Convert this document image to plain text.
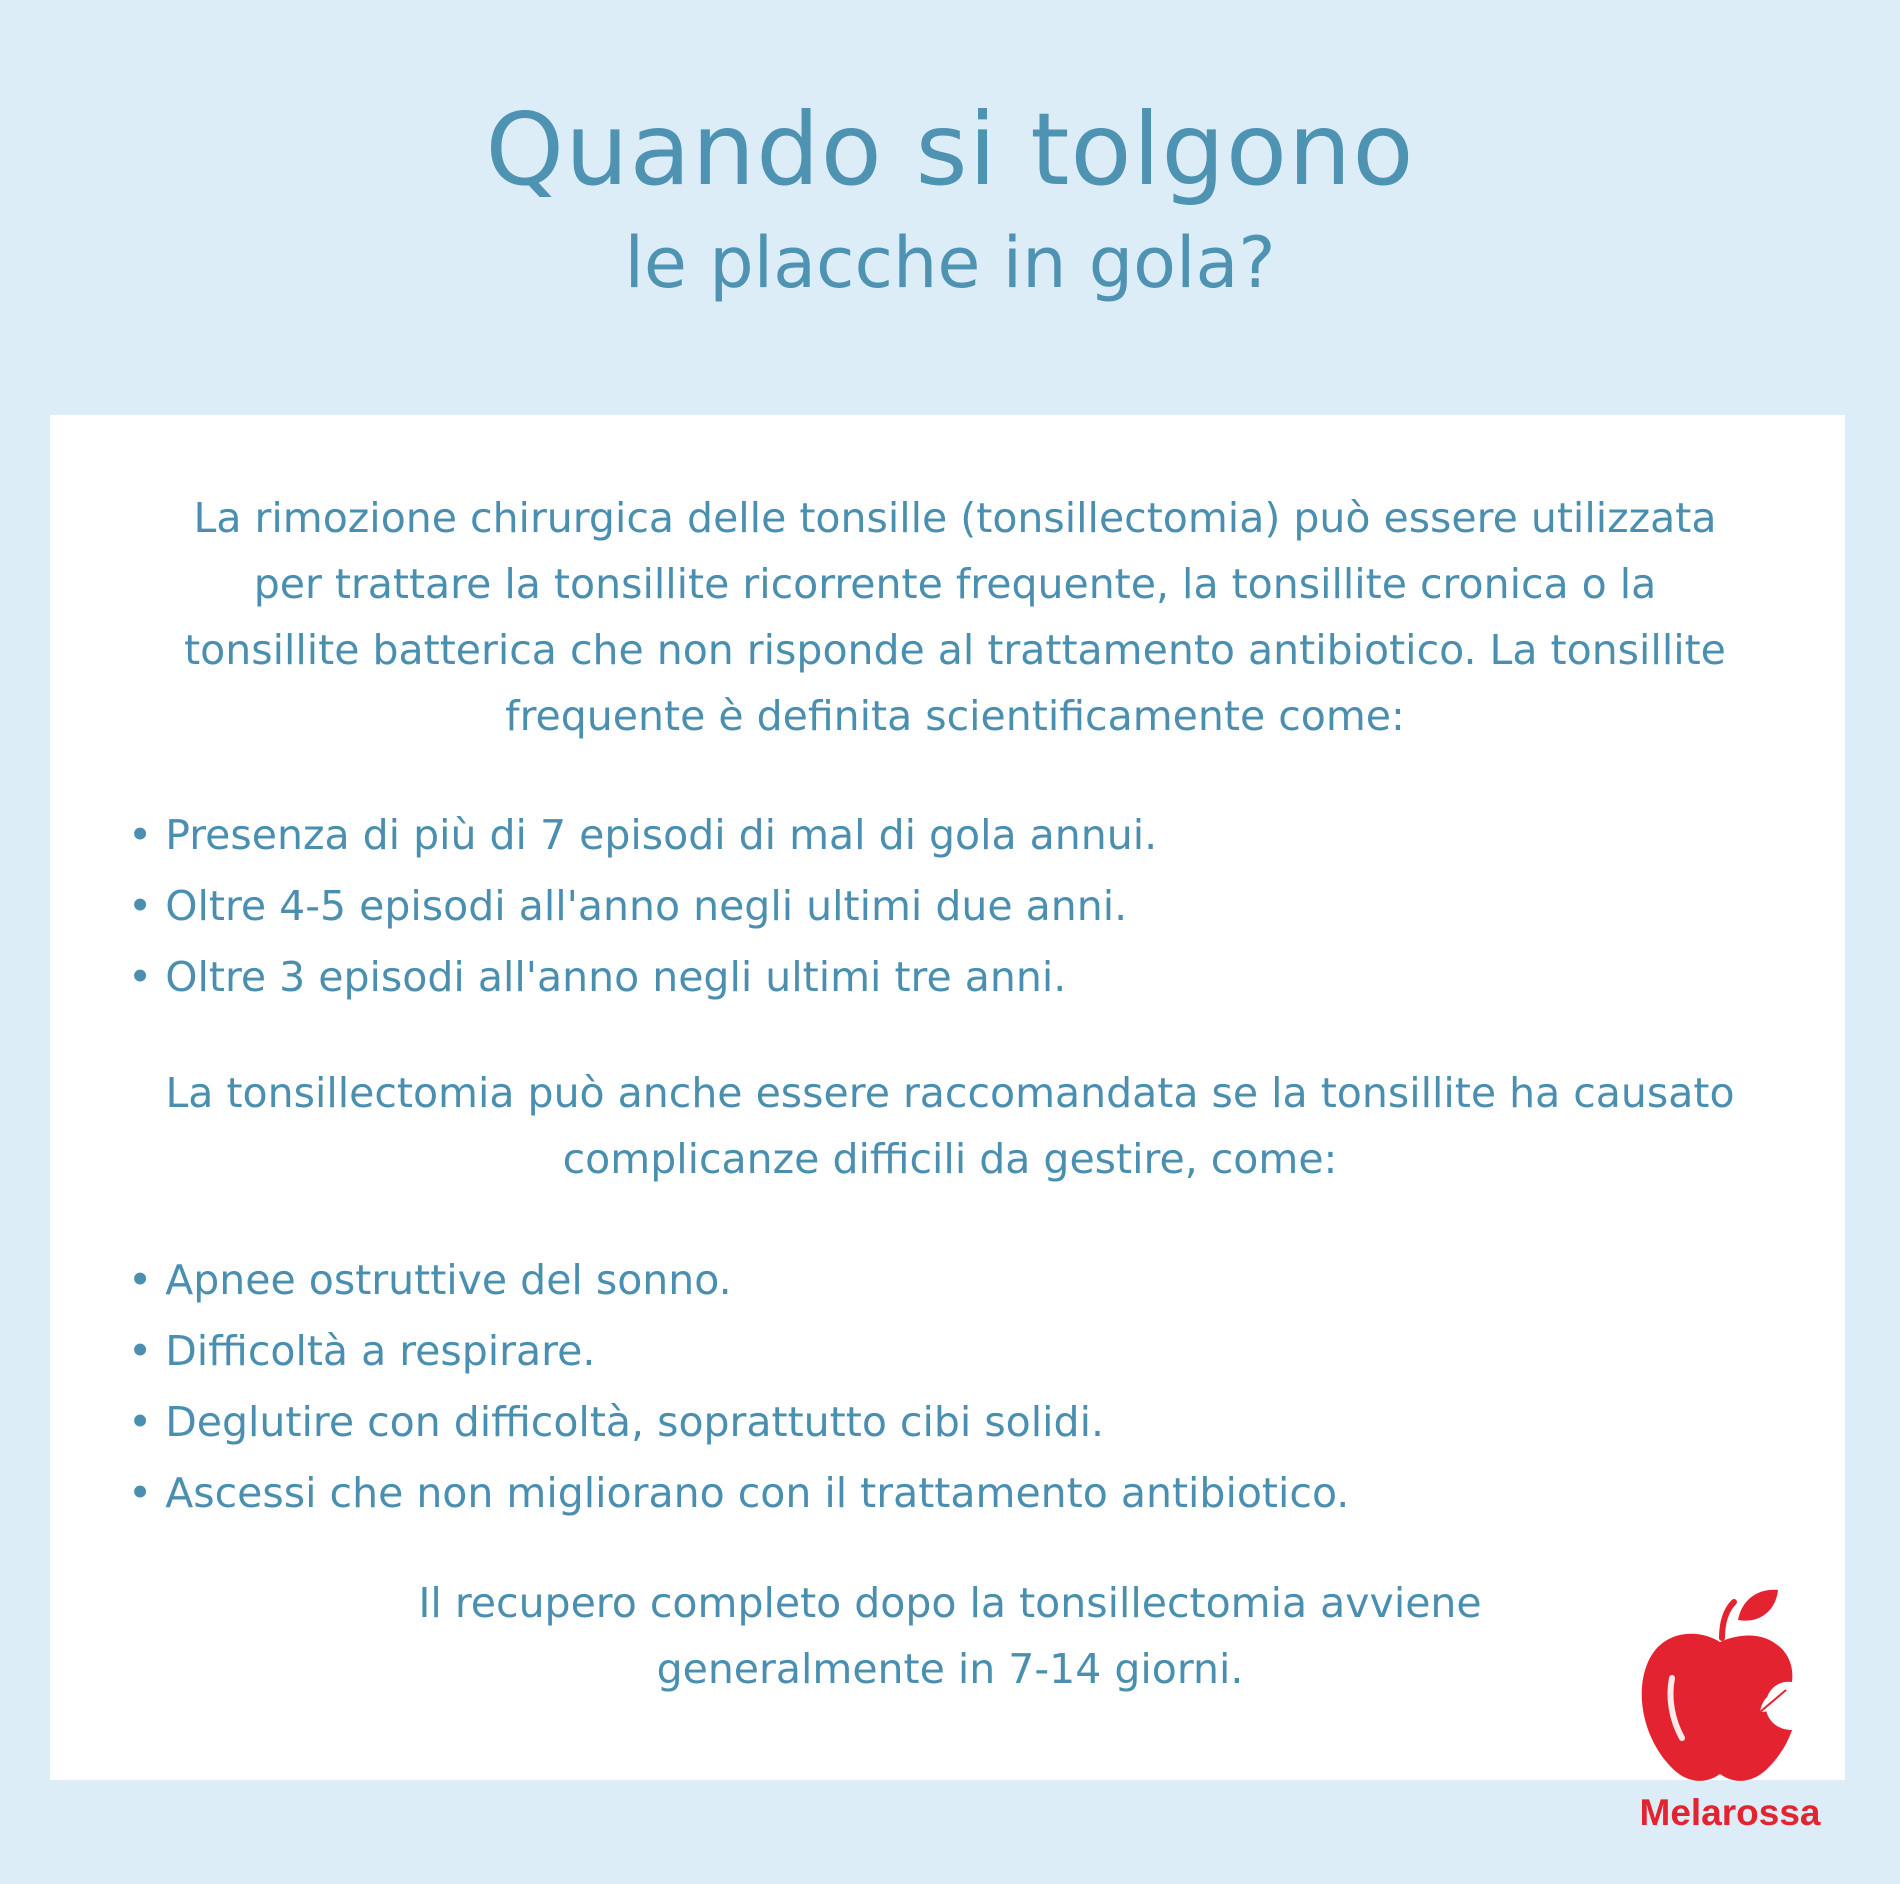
Quando si tolgono
le placche in gola?

La rimozione chirurgica delle tonsille (tonsillectomia) può essere utilizzata per trattare la tonsillite ricorrente frequente, la tonsillite cronica o la tonsillite batterica che non risponde al trattamento antibiotico. La tonsillite frequente è definita scientificamente come:

• Presenza di più di 7 episodi di mal di gola annui.
• Oltre 4-5 episodi all'anno negli ultimi due anni.
• Oltre 3 episodi all'anno negli ultimi tre anni.

La tonsillectomia può anche essere raccomandata se la tonsillite ha causato complicanze difficili da gestire, come:

• Apnee ostruttive del sonno.
• Difficoltà a respirare.
• Deglutire con difficoltà, soprattutto cibi solidi.
• Ascessi che non migliorano con il trattamento antibiotico.

Il recupero completo dopo la tonsillectomia avviene generalmente in 7-14 giorni.

Melarossa
